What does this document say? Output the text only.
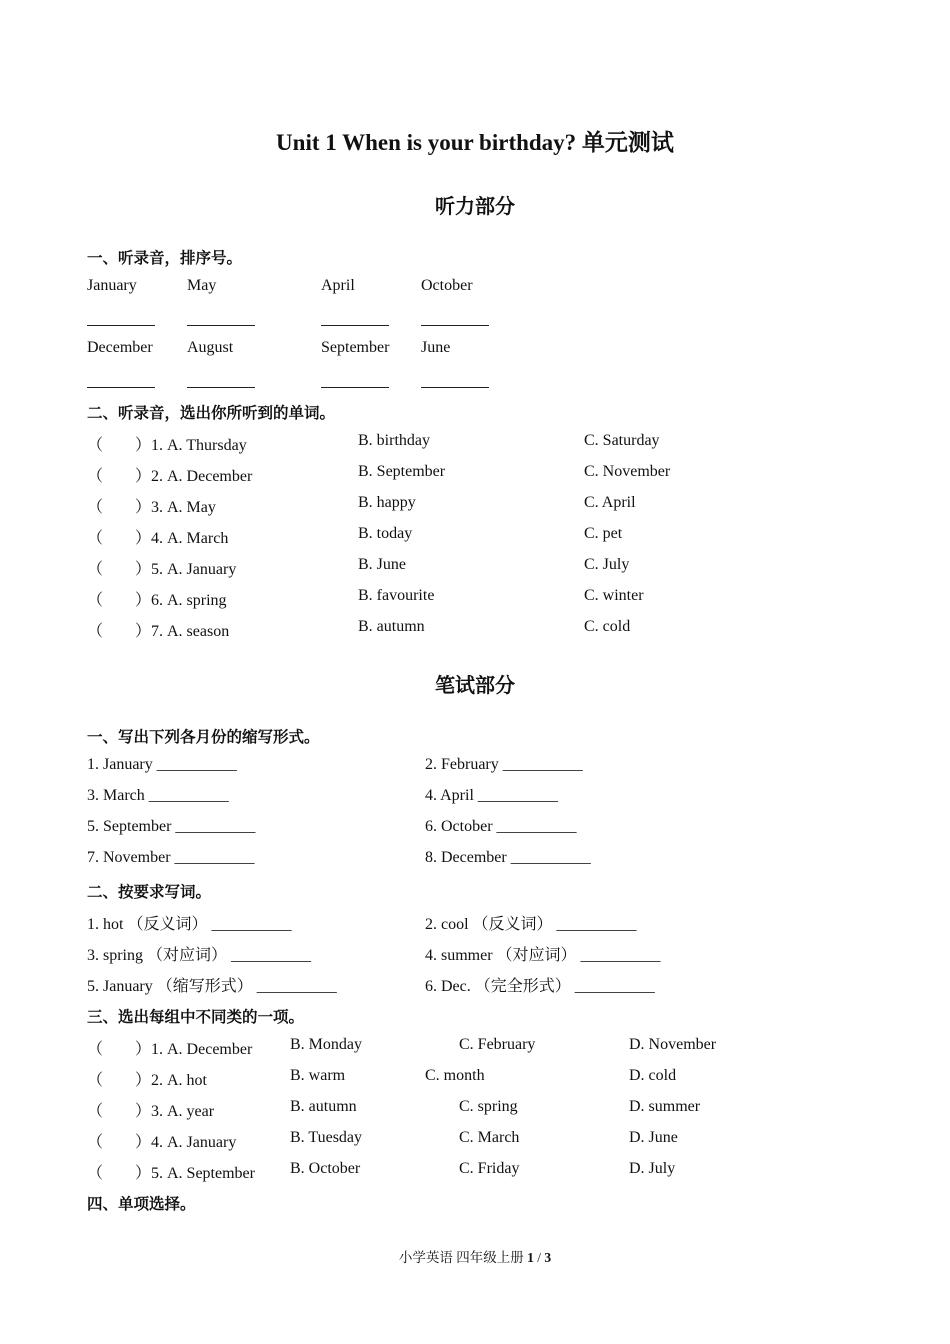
Unit 1 When is your birthday? 单元测试
听力部分
一、听录音，排序号。
January	May	April	October
December August	September June
二、听录音，选出你所听到的单词。
（　　）1. A. Thursday	B. birthday	C. Saturday
（　　）2. A. December	B. September	C. November
（　　）3. A. May	B. happy	C. April
（　　）4. A. March	B. today	C. pet
（　　）5. A. January	B. June	C. July
（　　）6. A. spring	B. favourite	C. winter
（　　）7. A. season	B. autumn	C. cold
笔试部分
一、写出下列各月份的缩写形式。
1. January __________	2. February __________
3. March __________	4. April __________
5. September __________	6. October __________
7. November __________	8. December __________
二、按要求写词。
1. hot （反义词） __________	2. cool （反义词） __________
3. spring （对应词） __________	4. summer （对应词） __________
5. January （缩写形式） __________	6. Dec. （完全形式） __________
三、选出每组中不同类的一项。
（　　）1. A. December B. Monday	C. February	D. November
（　　）2. A. hot	B. warm	C. month	D. cold
（　　）3. A. year	B. autumn	C. spring	D. summer
（　　）4. A. January	B. Tuesday	C. March	D. June
（　　）5. A. September B. October	C. Friday	D. July
四、单项选择。
小学英语 四年级上册 1 / 3
